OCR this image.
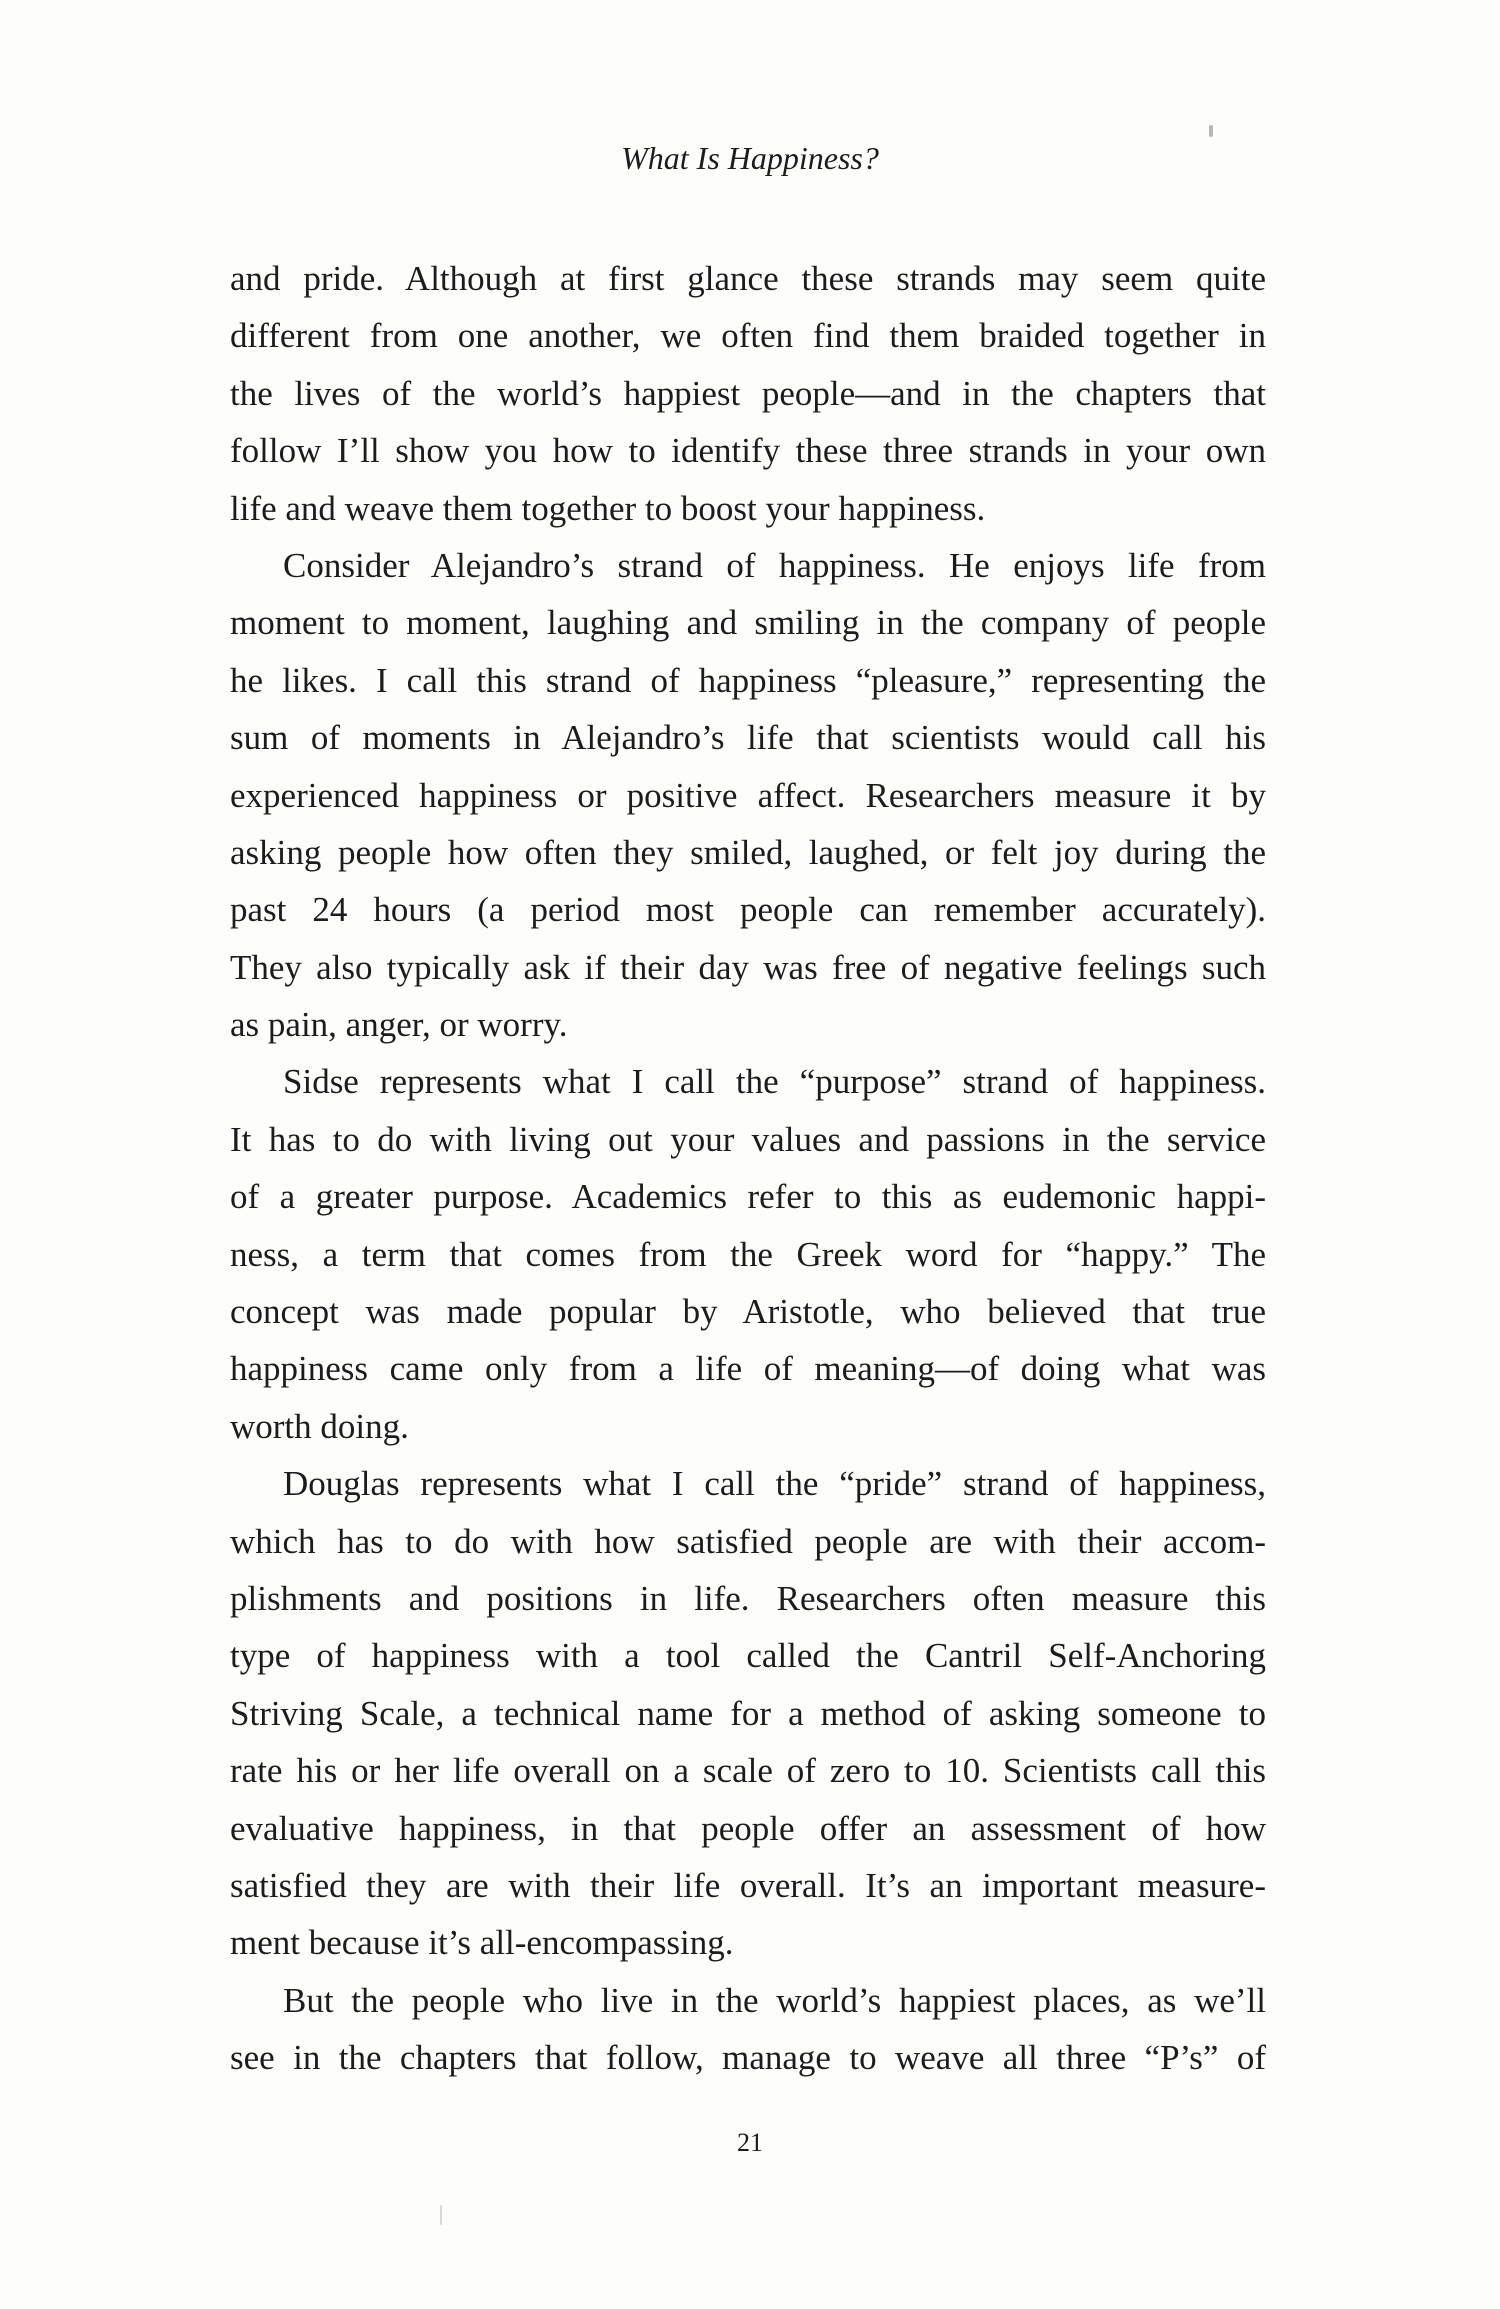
What Is Happiness?
and pride. Although at first glance these strands may seem quite
different from one another, we often find them braided together in
the lives of the world’s happiest people—and in the chapters that
follow I’ll show you how to identify these three strands in your own
life and weave them together to boost your happiness.
Consider Alejandro’s strand of happiness. He enjoys life from
moment to moment, laughing and smiling in the company of people
he likes. I call this strand of happiness “pleasure,” representing the
sum of moments in Alejandro’s life that scientists would call his
experienced happiness or positive affect. Researchers measure it by
asking people how often they smiled, laughed, or felt joy during the
past 24 hours (a period most people can remember accurately).
They also typically ask if their day was free of negative feelings such
as pain, anger, or worry.
Sidse represents what I call the “purpose” strand of happiness.
It has to do with living out your values and passions in the service
of a greater purpose. Academics refer to this as eudemonic happi-
ness, a term that comes from the Greek word for “happy.” The
concept was made popular by Aristotle, who believed that true
happiness came only from a life of meaning—of doing what was
worth doing.
Douglas represents what I call the “pride” strand of happiness,
which has to do with how satisfied people are with their accom-
plishments and positions in life. Researchers often measure this
type of happiness with a tool called the Cantril Self-Anchoring
Striving Scale, a technical name for a method of asking someone to
rate his or her life overall on a scale of zero to 10. Scientists call this
evaluative happiness, in that people offer an assessment of how
satisfied they are with their life overall. It’s an important measure-
ment because it’s all-encompassing.
But the people who live in the world’s happiest places, as we’ll
see in the chapters that follow, manage to weave all three “P’s” of
21
